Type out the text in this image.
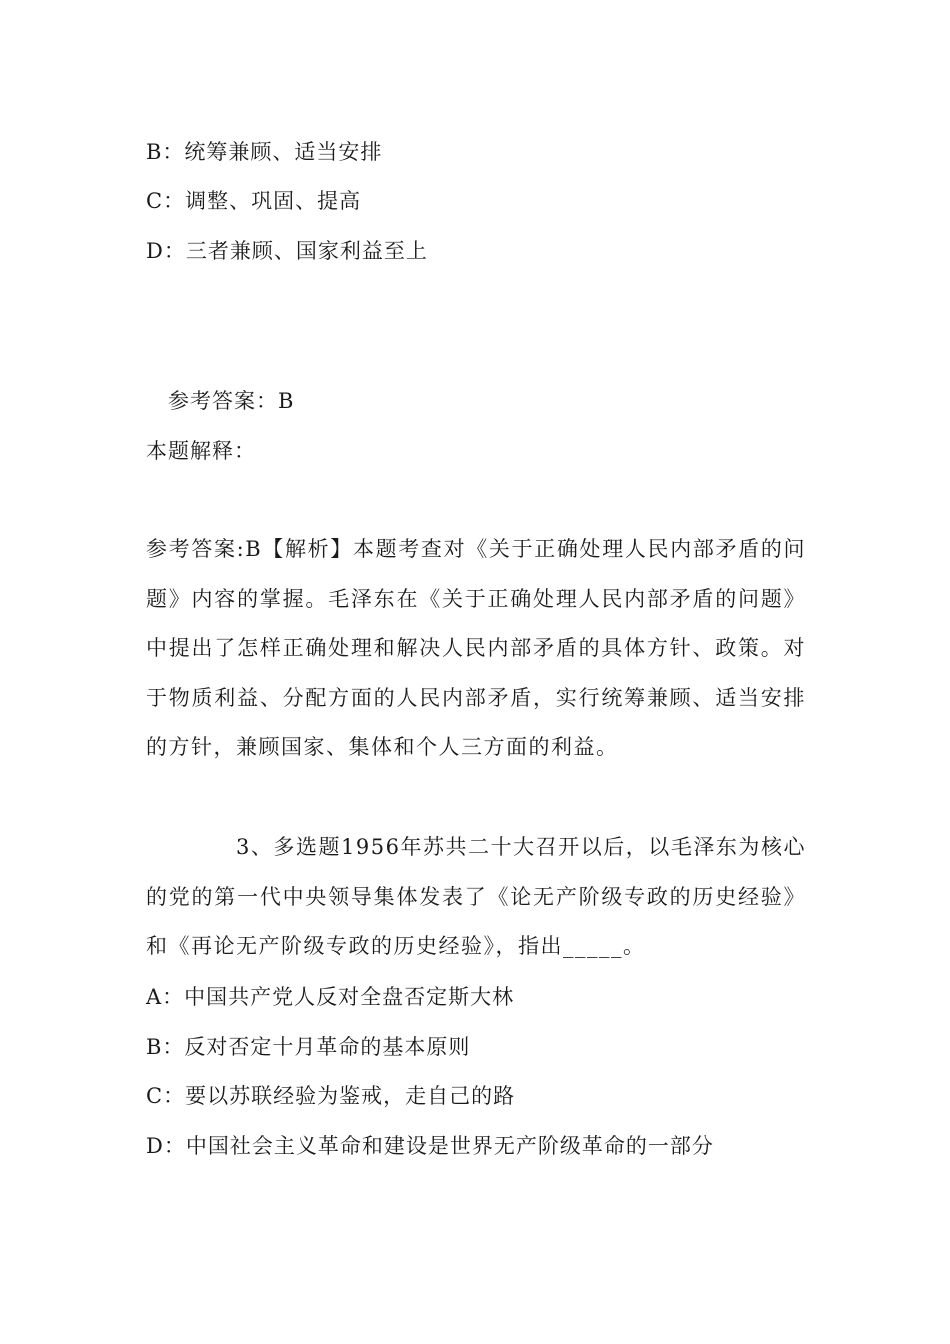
B：统筹兼顾、适当安排
C：调整、巩固、提高
D：三者兼顾、国家利益至上
参考答案：B
本题解释：
参考答案:B【解析】本题考查对《关于正确处理人民内部矛盾的问题》内容的掌握。毛泽东在《关于正确处理人民内部矛盾的问题》中提出了怎样正确处理和解决人民内部矛盾的具体方针、政策。对于物质利益、分配方面的人民内部矛盾，实行统筹兼顾、适当安排的方针，兼顾国家、集体和个人三方面的利益。
3、多选题1956年苏共二十大召开以后，以毛泽东为核心的党的第一代中央领导集体发表了《论无产阶级专政的历史经验》和《再论无产阶级专政的历史经验》，指出_____。
A：中国共产党人反对全盘否定斯大林
B：反对否定十月革命的基本原则
C：要以苏联经验为鉴戒，走自己的路
D：中国社会主义革命和建设是世界无产阶级革命的一部分
